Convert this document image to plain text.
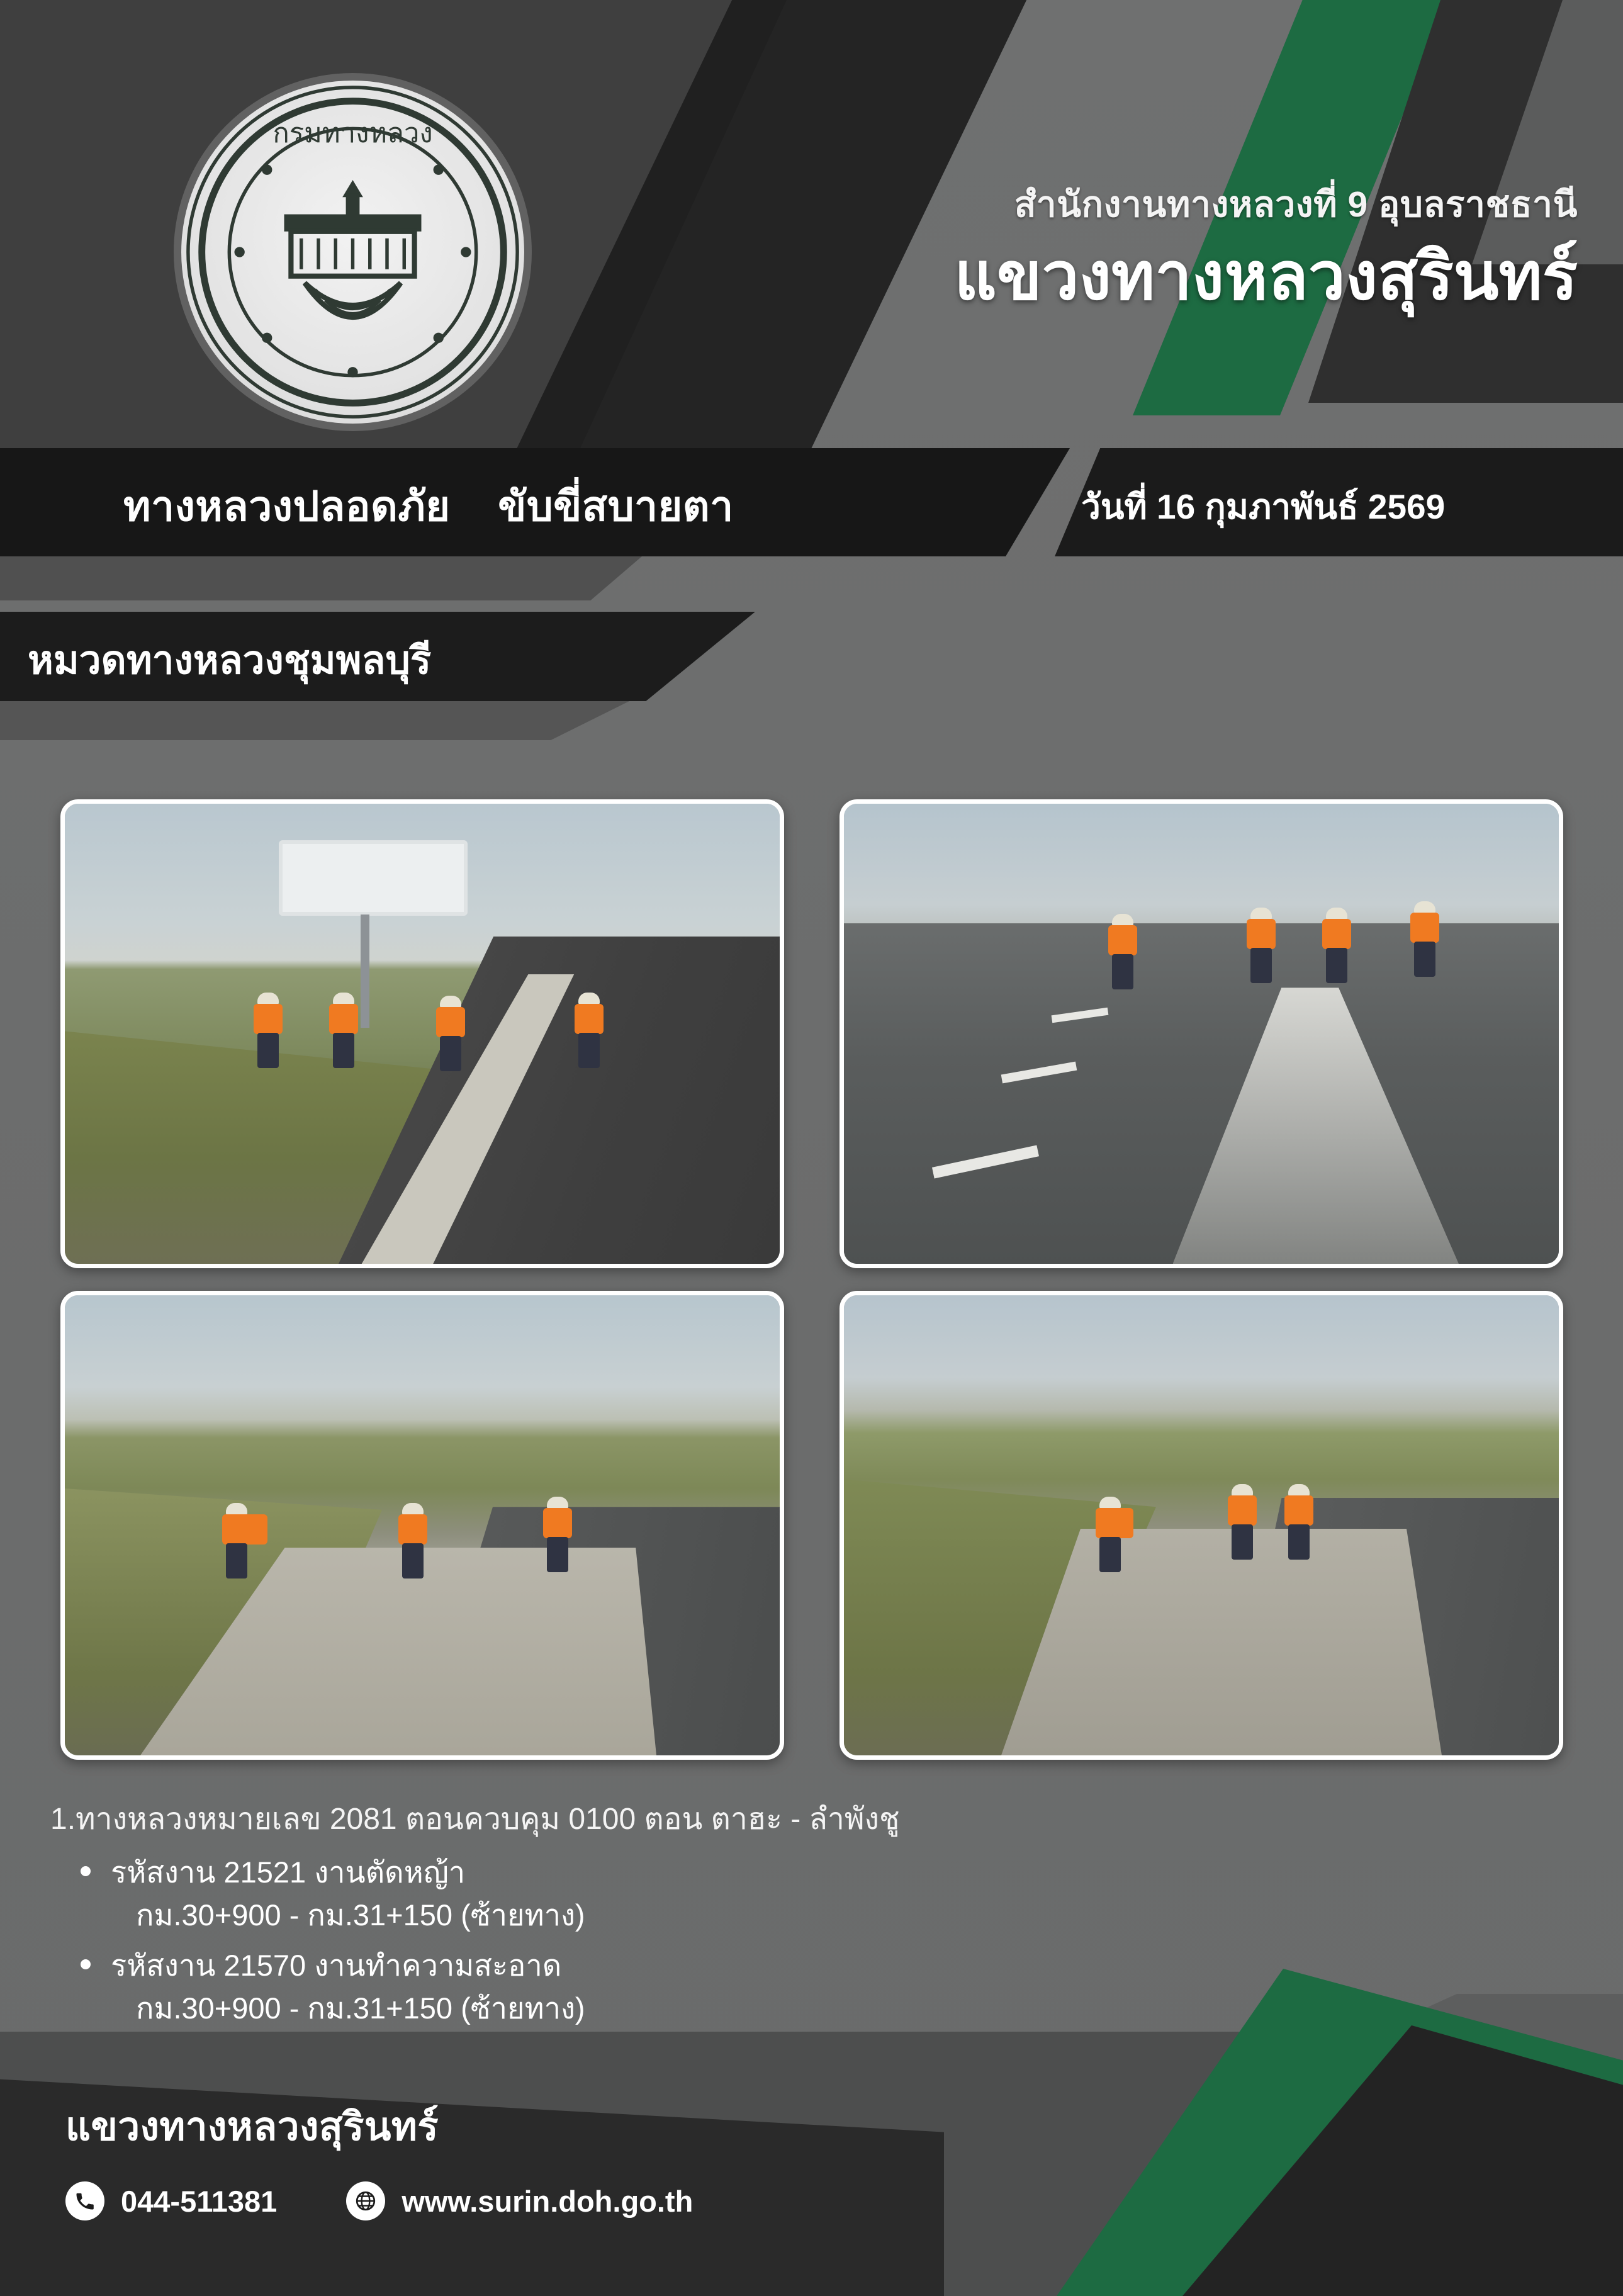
กรมทางหลวง
สำนักงานทางหลวงที่ 9 อุบลราชธานี
แขวงทางหลวงสุรินทร์
ทางหลวงปลอดภัย ขับขี่สบายตา	วันที่ 16 กุมภาพันธ์ 2569
หมวดทางหลวงชุมพลบุรี
1.ทางหลวงหมายเลข 2081 ตอนควบคุม 0100 ตอน ตาฮะ - ลำพังชู
รหัสงาน 21521 งานตัดหญ้า
กม.30+900 - กม.31+150 (ซ้ายทาง)
รหัสงาน 21570 งานทำความสะอาด
กม.30+900 - กม.31+150 (ซ้ายทาง)
แขวงทางหลวงสุรินทร์
044-511381	www.surin.doh.go.th
